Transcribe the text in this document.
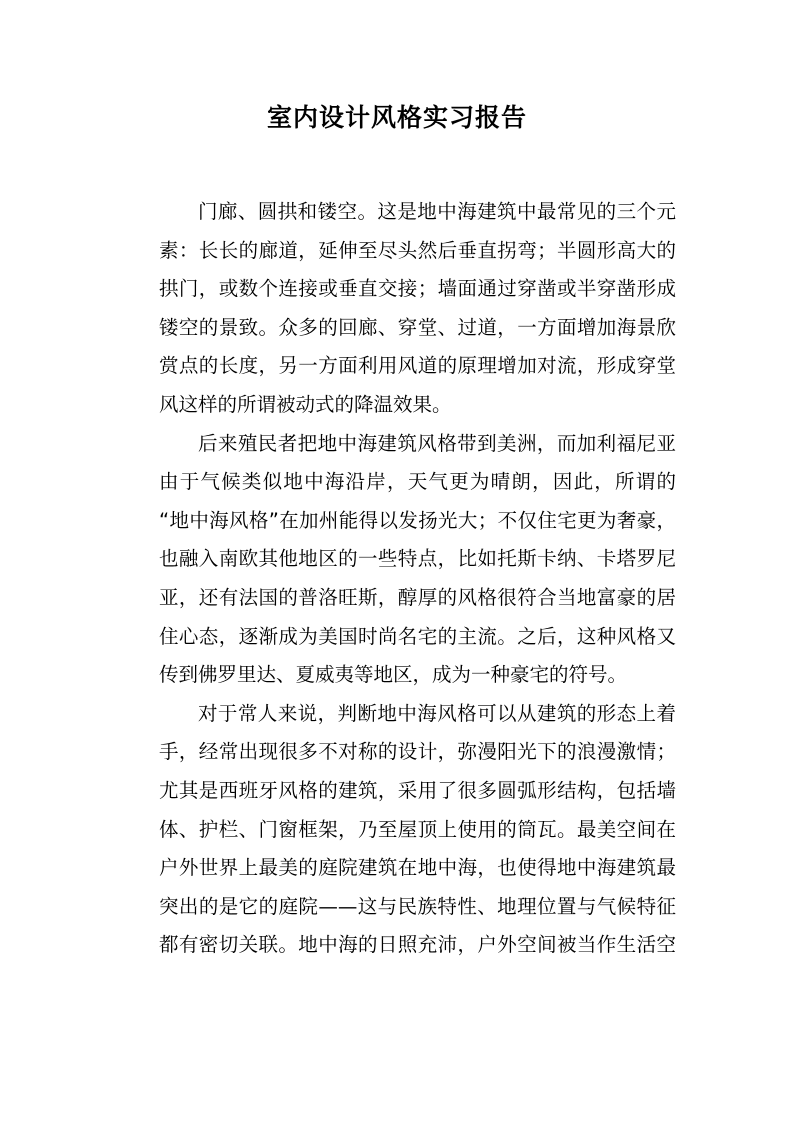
室内设计风格实习报告
门廊、圆拱和镂空。这是地中海建筑中最常见的三个元
素：长长的廊道，延伸至尽头然后垂直拐弯；半圆形高大的
拱门，或数个连接或垂直交接；墙面通过穿凿或半穿凿形成
镂空的景致。众多的回廊、穿堂、过道，一方面增加海景欣
赏点的长度，另一方面利用风道的原理增加对流，形成穿堂
风这样的所谓被动式的降温效果。
后来殖民者把地中海建筑风格带到美洲，而加利福尼亚
由于气候类似地中海沿岸，天气更为晴朗，因此，所谓的
“地中海风格”在加州能得以发扬光大；不仅住宅更为奢豪，
也融入南欧其他地区的一些特点，比如托斯卡纳、卡塔罗尼
亚，还有法国的普洛旺斯，醇厚的风格很符合当地富豪的居
住心态，逐渐成为美国时尚名宅的主流。之后，这种风格又
传到佛罗里达、夏威夷等地区，成为一种豪宅的符号。
对于常人来说，判断地中海风格可以从建筑的形态上着
手，经常出现很多不对称的设计，弥漫阳光下的浪漫激情；
尤其是西班牙风格的建筑，采用了很多圆弧形结构，包括墙
体、护栏、门窗框架，乃至屋顶上使用的筒瓦。最美空间在
户外世界上最美的庭院建筑在地中海，也使得地中海建筑最
突出的是它的庭院——这与民族特性、地理位置与气候特征
都有密切关联。地中海的日照充沛，户外空间被当作生活空
